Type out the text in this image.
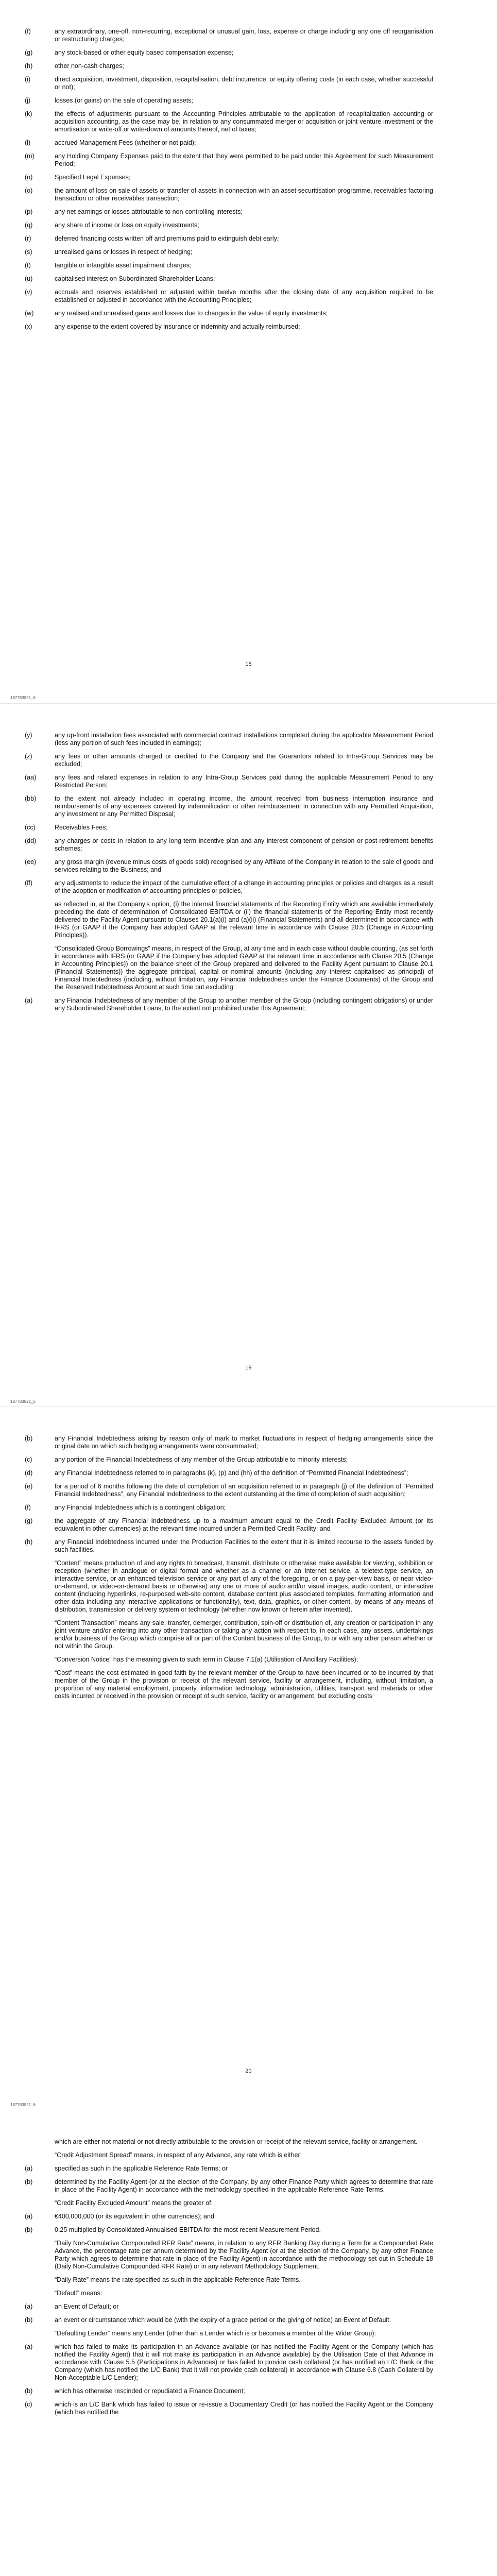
(f)	any extraordinary, one-off, non-recurring, exceptional or unusual gain, loss, expense or charge including any one off reorganisation or restructuring charges;
(g)	any stock-based or other equity based compensation expense;
(h)	other non-cash charges;
(i)	direct acquisition, investment, disposition, recapitalisation, debt incurrence, or equity offering costs (in each case, whether successful or not);
(j)	losses (or gains) on the sale of operating assets;
(k)	the effects of adjustments pursuant to the Accounting Principles attributable to the application of recapitalization accounting or acquisition accounting, as the case may be, in relation to any consummated merger or acquisition or joint venture investment or the amortisation or write-off or write-down of amounts thereof, net of taxes;
(l)	accrued Management Fees (whether or not paid);
(m)	any Holding Company Expenses paid to the extent that they were permitted to be paid under this Agreement for such Measurement Period;
(n)	Specified Legal Expenses;
(o)	the amount of loss on sale of assets or transfer of assets in connection with an asset securitisation programme, receivables factoring transaction or other receivables transaction;
(p)	any net earnings or losses attributable to non-controlling interests;
(q)	any share of income or loss on equity investments;
(r)	deferred financing costs written off and premiums paid to extinguish debt early;
(s)	unrealised gains or losses in respect of hedging;
(t)	tangible or intangible asset impairment charges;
(u)	capitalised interest on Subordinated Shareholder Loans;
(v)	accruals and reserves established or adjusted within twelve months after the closing date of any acquisition required to be established or adjusted in accordance with the Accounting Principles;
(w)	any realised and unrealised gains and losses due to changes in the value of equity investments;
(x)	any expense to the extent covered by insurance or indemnity and actually reimbursed;
18
187783821_6
(y)	any up-front installation fees associated with commercial contract installations completed during the applicable Measurement Period (less any portion of such fees included in earnings);
(z)	any fees or other amounts charged or credited to the Company and the Guarantors related to Intra-Group Services may be excluded;
(aa)	any fees and related expenses in relation to any Intra-Group Services paid during the applicable Measurement Period to any Restricted Person;
(bb)	to the extent not already included in operating income, the amount received from business interruption insurance and reimbursements of any expenses covered by indemnification or other reimbursement in connection with any Permitted Acquisition, any investment or any Permitted Disposal;
(cc)	Receivables Fees;
(dd)	any charges or costs in relation to any long-term incentive plan and any interest component of pension or post-retirement benefits schemes;
(ee)	any gross margin (revenue minus costs of goods sold) recognised by any Affiliate of the Company in relation to the sale of goods and services relating to the Business; and
(ff)	any adjustments to reduce the impact of the cumulative effect of a change in accounting principles or policies and charges as a result of the adoption or modification of accounting principles or policies,
as reflected in, at the Company’s option, (i) the internal financial statements of the Reporting Entity which are available immediately preceding the date of determination of Consolidated EBITDA or (ii) the financial statements of the Reporting Entity most recently delivered to the Facility Agent pursuant to Clauses 20.1(a)(i) and (a)(ii) (Financial Statements) and all determined in accordance with IFRS (or GAAP if the Company has adopted GAAP at the relevant time in accordance with Clause 20.5 (Change in Accounting Principles)).
“Consolidated Group Borrowings” means, in respect of the Group, at any time and in each case without double counting, (as set forth in accordance with IFRS (or GAAP if the Company has adopted GAAP at the relevant time in accordance with Clause 20.5 (Change in Accounting Principles)) on the balance sheet of the Group prepared and delivered to the Facility Agent pursuant to Clause 20.1 (Financial Statements)) the aggregate principal, capital or nominal amounts (including any interest capitalised as principal) of Financial Indebtedness (including, without limitation, any Financial Indebtedness under the Finance Documents) of the Group and the Reserved Indebtedness Amount at such time but excluding:
(a)	any Financial Indebtedness of any member of the Group to another member of the Group (including contingent obligations) or under any Subordinated Shareholder Loans, to the extent not prohibited under this Agreement;
19
187783821_6
(b)	any Financial Indebtedness arising by reason only of mark to market fluctuations in respect of hedging arrangements since the original date on which such hedging arrangements were consummated;
(c)	any portion of the Financial Indebtedness of any member of the Group attributable to minority interests;
(d)	any Financial Indebtedness referred to in paragraphs (k), (p) and (hh) of the definition of “Permitted Financial Indebtedness”;
(e)	for a period of 6 months following the date of completion of an acquisition referred to in paragraph (j) of the definition of “Permitted Financial Indebtedness”, any Financial Indebtedness to the extent outstanding at the time of completion of such acquisition;
(f)	any Financial Indebtedness which is a contingent obligation;
(g)	the aggregate of any Financial Indebtedness up to a maximum amount equal to the Credit Facility Excluded Amount (or its equivalent in other currencies) at the relevant time incurred under a Permitted Credit Facility; and
(h)	any Financial Indebtedness incurred under the Production Facilities to the extent that it is limited recourse to the assets funded by such facilities.
“Content” means production of and any rights to broadcast, transmit, distribute or otherwise make available for viewing, exhibition or reception (whether in analogue or digital format and whether as a channel or an Internet service, a teletext-type service, an interactive service, or an enhanced television service or any part of any of the foregoing, or on a pay-per-view basis, or near video-on-demand, or video-on-demand basis or otherwise) any one or more of audio and/or visual images, audio content, or interactive content (including hyperlinks, re-purposed web-site content, database content plus associated templates, formatting information and other data including any interactive applications or functionality), text, data, graphics, or other content, by means of any means of distribution, transmission or delivery system or technology (whether now known or herein after invented).
“Content Transaction” means any sale, transfer, demerger, contribution, spin-off or distribution of, any creation or participation in any joint venture and/or entering into any other transaction or taking any action with respect to, in each case, any assets, undertakings and/or business of the Group which comprise all or part of the Content business of the Group, to or with any other person whether or not within the Group.
“Conversion Notice” has the meaning given to such term in Clause 7.1(a) (Utilisation of Ancillary Facilities);
“Cost” means the cost estimated in good faith by the relevant member of the Group to have been incurred or to be incurred by that member of the Group in the provision or receipt of the relevant service, facility or arrangement, including, without limitation, a proportion of any material employment, property, information technology, administration, utilities, transport and materials or other costs incurred or received in the provision or receipt of such service, facility or arrangement, but excluding costs
20
187783821_6
which are either not material or not directly attributable to the provision or receipt of the relevant service, facility or arrangement.
“Credit Adjustment Spread” means, in respect of any Advance, any rate which is either:
(a)	specified as such in the applicable Reference Rate Terms; or
(b)	determined by the Facility Agent (or at the election of the Company, by any other Finance Party which agrees to determine that rate in place of the Facility Agent) in accordance with the methodology specified in the applicable Reference Rate Terms.
“Credit Facility Excluded Amount” means the greater of:
(a)	€400,000,000 (or its equivalent in other currencies); and
(b)	0.25 multiplied by Consolidated Annualised EBITDA for the most recent Measurement Period.
“Daily Non-Cumulative Compounded RFR Rate” means, in relation to any RFR Banking Day during a Term for a Compounded Rate Advance, the percentage rate per annum determined by the Facility Agent (or at the election of the Company, by any other Finance Party which agrees to determine that rate in place of the Facility Agent) in accordance with the methodology set out in Schedule 18 (Daily Non-Cumulative Compounded RFR Rate) or in any relevant Methodology Supplement.
“Daily Rate” means the rate specified as such in the applicable Reference Rate Terms.
“Default” means:
(a)	an Event of Default; or
(b)	an event or circumstance which would be (with the expiry of a grace period or the giving of notice) an Event of Default.
“Defaulting Lender” means any Lender (other than a Lender which is or becomes a member of the Wider Group):
(a)	which has failed to make its participation in an Advance available (or has notified the Facility Agent or the Company (which has notified the Facility Agent) that it will not make its participation in an Advance available) by the Utilisation Date of that Advance in accordance with Clause 5.5 (Participations in Advances) or has failed to provide cash collateral (or has notified an L/C Bank or the Company (which has notified the L/C Bank) that it will not provide cash collateral) in accordance with Clause 6.8 (Cash Collateral by Non-Acceptable L/C Lender);
(b)	which has otherwise rescinded or repudiated a Finance Document;
(c)	which is an L/C Bank which has failed to issue or re-issue a Documentary Credit (or has notified the Facility Agent or the Company (which has notified the
